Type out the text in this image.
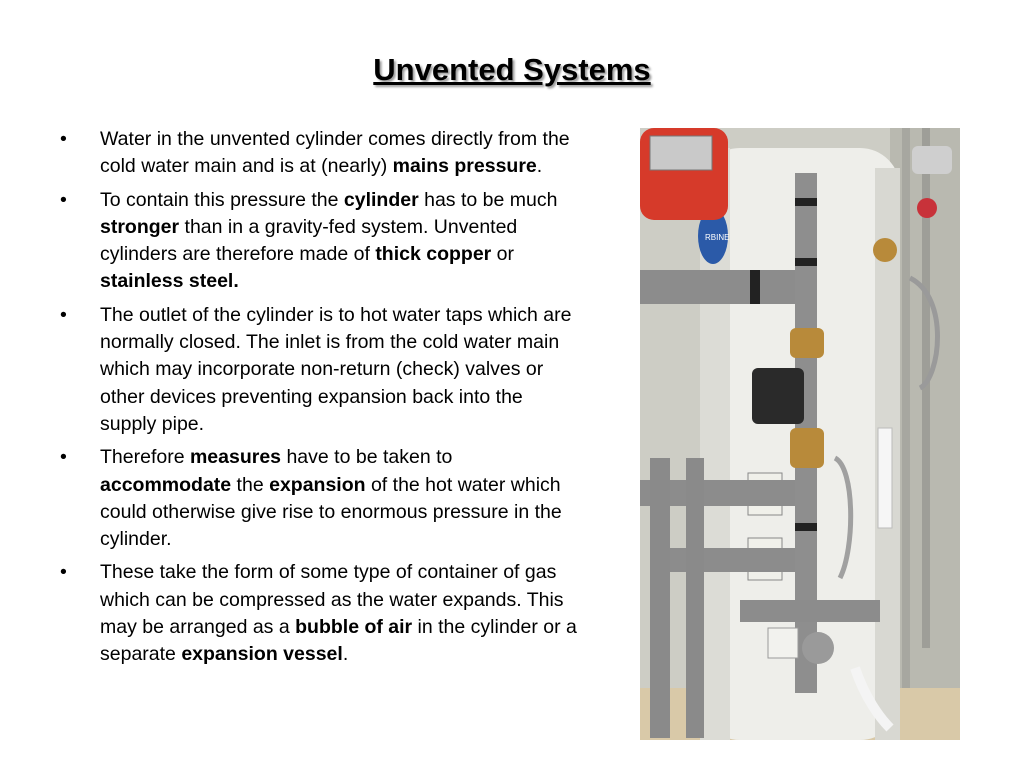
Unvented Systems
• Water in the unvented cylinder comes directly from the cold water main and is at (nearly) mains pressure.
• To contain this pressure the cylinder has to be much stronger than in a gravity-fed system. Unvented cylinders are therefore made of thick copper or stainless steel.
• The outlet of the cylinder is to hot water taps which are normally closed. The inlet is from the cold water main which may incorporate non-return (check) valves or other devices preventing expansion back into the supply pipe.
• Therefore measures have to be taken to accommodate the expansion of the hot water which could otherwise give rise to enormous pressure in the cylinder.
• These take the form of some type of container of gas which can be compressed as the water expands. This may be arranged as a bubble of air in the cylinder or a separate expansion vessel.
RBINE
